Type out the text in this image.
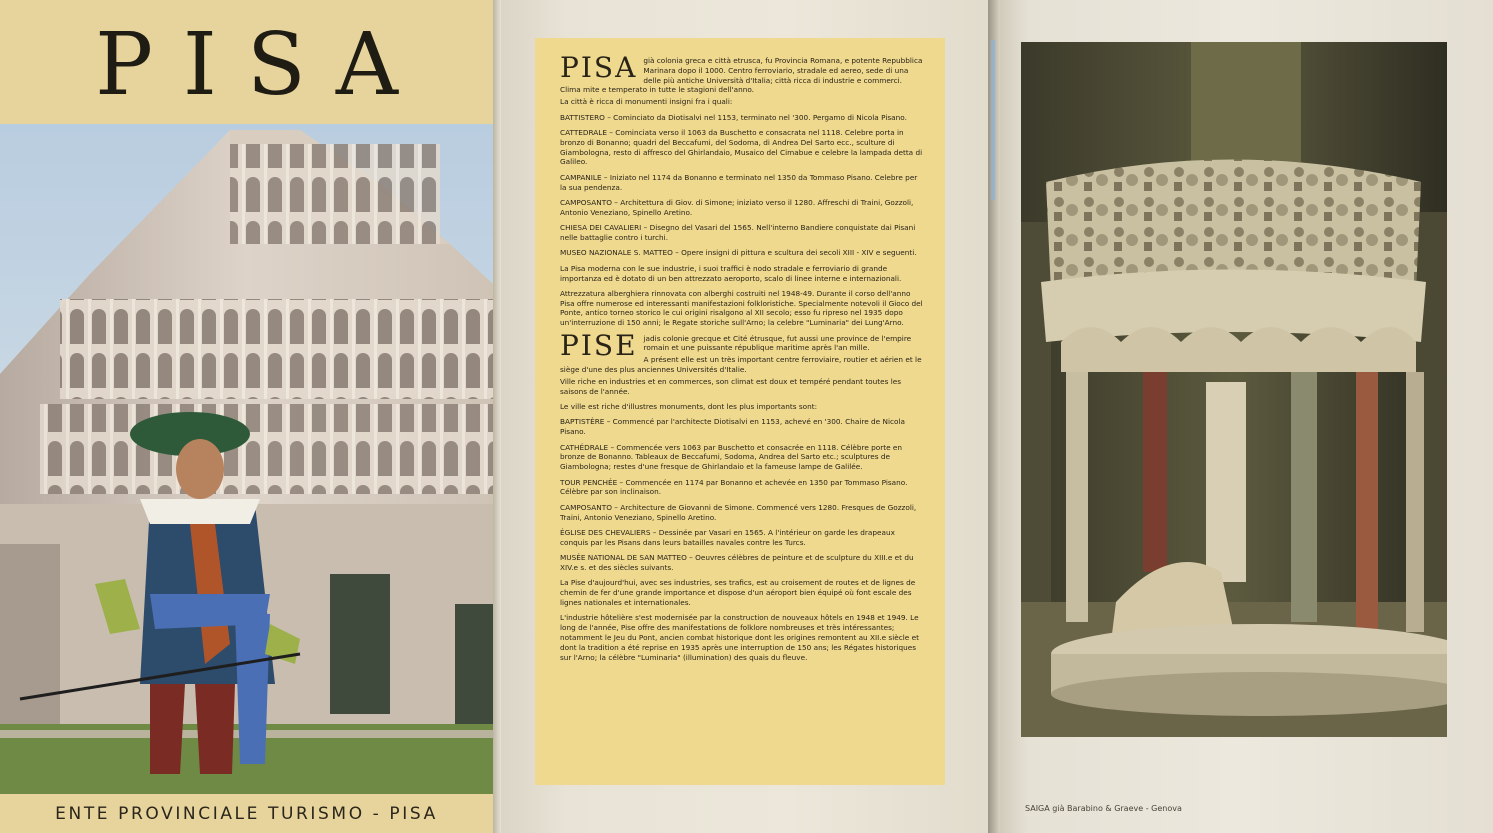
PISA
ENTE PROVINCIALE TURISMO - PISA

PISA già colonia greca e città etrusca, fu Provincia Romana, e potente Repubblica Marinara dopo il 1000. Centro ferroviario, stradale ed aereo, sede di una delle più antiche Università d'Italia; città ricca di industrie e commerci. Clima mite e temperato in tutte le stagioni dell'anno.

La città è ricca di monumenti insigni fra i quali:

BATTISTERO – Cominciato da Diotisalvi nel 1153, terminato nel '300. Pergamo di Nicola Pisano.

CATTEDRALE – Cominciata verso il 1063 da Buschetto e consacrata nel 1118. Celebre porta in bronzo di Bonanno; quadri del Beccafumi, del Sodoma, di Andrea Del Sarto ecc., sculture di Giambologna, resto di affresco del Ghirlandaio, Musaico del Cimabue e celebre la lampada detta di Galileo.

CAMPANILE – Iniziato nel 1174 da Bonanno e terminato nel 1350 da Tommaso Pisano. Celebre per la sua pendenza.

CAMPOSANTO – Architettura di Giov. di Simone; iniziato verso il 1280. Affreschi di Traini, Gozzoli, Antonio Veneziano, Spinello Aretino.

CHIESA DEI CAVALIERI – Disegno del Vasari del 1565. Nell'interno Bandiere conquistate dai Pisani nelle battaglie contro i turchi.

MUSEO NAZIONALE S. MATTEO – Opere insigni di pittura e scultura dei secoli XIII - XIV e seguenti.

La Pisa moderna con le sue industrie, i suoi traffici è nodo stradale e ferroviario di grande importanza ed è dotato di un ben attrezzato aeroporto, scalo di linee interne e internazionali.

Attrezzatura alberghiera rinnovata con alberghi costruiti nel 1948-49. Durante il corso dell'anno Pisa offre numerose ed interessanti manifestazioni folkloristiche. Specialmente notevoli il Gioco del Ponte, antico torneo storico le cui origini risalgono al XII secolo; esso fu ripreso nel 1935 dopo un'interruzione di 150 anni; le Regate storiche sull'Arno; la celebre "Luminaria" dei Lung'Arno.

PISE jadis colonie grecque et Cité étrusque, fut aussi une province de l'empire romain et une puissante république maritime après l'an mille.

A présent elle est un très important centre ferroviaire, routier et aérien et le siège d'une des plus anciennes Universités d'Italie.

Ville riche en industries et en commerces, son climat est doux et tempéré pendant toutes les saisons de l'année.

Le ville est riche d'illustres monuments, dont les plus importants sont:

BAPTISTÈRE – Commencé par l'architecte Diotisalvi en 1153, achevé en '300. Chaire de Nicola Pisano.

CATHÉDRALE – Commencée vers 1063 par Buschetto et consacrée en 1118. Célèbre porte en bronze de Bonanno. Tableaux de Beccafumi, Sodoma, Andrea del Sarto etc.; sculptures de Giambologna; restes d'une fresque de Ghirlandaio et la fameuse lampe de Galilée.

TOUR PENCHÉE – Commencée en 1174 par Bonanno et achevée en 1350 par Tommaso Pisano. Célèbre par son inclinaison.

CAMPOSANTO – Architecture de Giovanni de Simone. Commencé vers 1280. Fresques de Gozzoli, Traini, Antonio Veneziano, Spinello Aretino.

ÉGLISE DES CHEVALIERS – Dessinée par Vasari en 1565. A l'intérieur on garde les drapeaux conquis par les Pisans dans leurs batailles navales contre les Turcs.

MUSÉE NATIONAL DE SAN MATTEO – Oeuvres célèbres de peinture et de sculpture du XIII.e et du XIV.e s. et des siècles suivants.

La Pise d'aujourd'hui, avec ses industries, ses trafics, est au croisement de routes et de lignes de chemin de fer d'une grande importance et dispose d'un aéroport bien équipé où font escale des lignes nationales et internationales.

L'industrie hôtelière s'est modernisée par la construction de nouveaux hôtels en 1948 et 1949. Le long de l'année, Pise offre des manifestations de folklore nombreuses et très intéressantes; notamment le Jeu du Pont, ancien combat historique dont les origines remontent au XII.e siècle et dont la tradition a été reprise en 1935 après une interruption de 150 ans; les Régates historiques sur l'Arno; la célèbre "Luminaria" (illumination) des quais du fleuve.

SAIGA già Barabino & Graeve - Genova
